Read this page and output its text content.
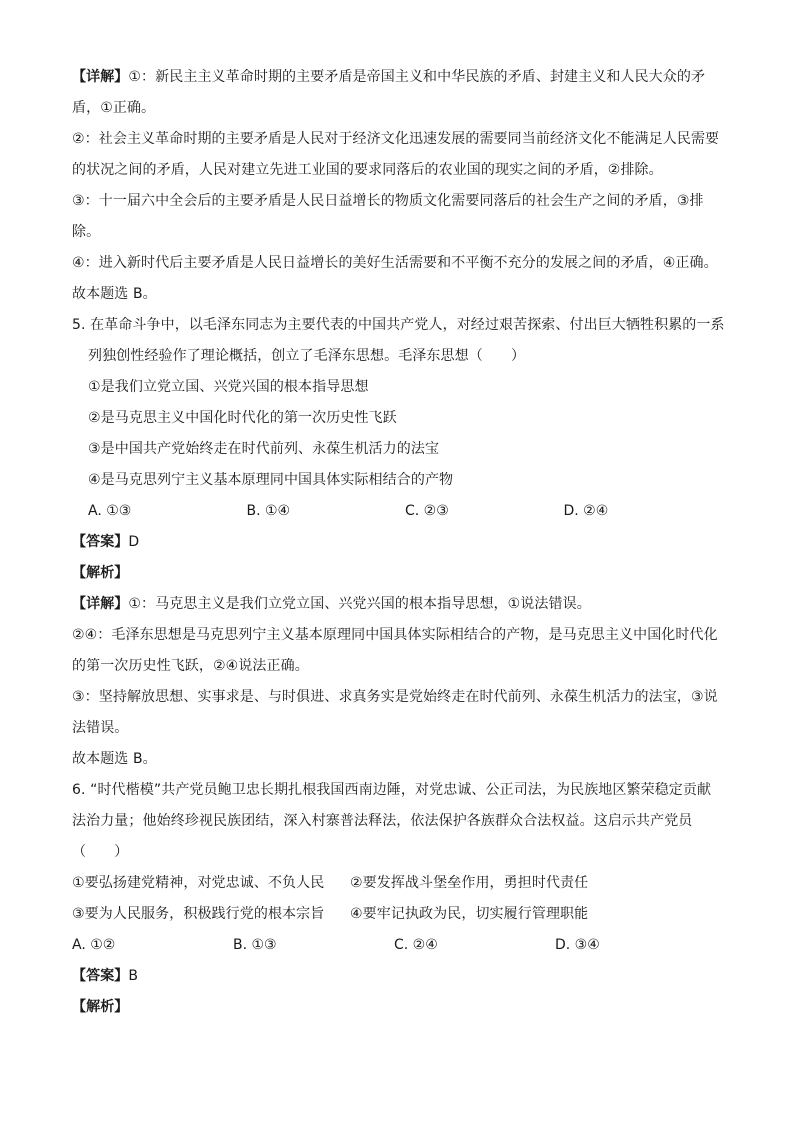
【详解】①：新民主主义革命时期的主要矛盾是帝国主义和中华民族的矛盾、封建主义和人民大众的矛
盾，①正确。
②：社会主义革命时期的主要矛盾是人民对于经济文化迅速发展的需要同当前经济文化不能满足人民需要
的状况之间的矛盾，人民对建立先进工业国的要求同落后的农业国的现实之间的矛盾，②排除。
③：十一届六中全会后的主要矛盾是人民日益增长的物质文化需要同落后的社会生产之间的矛盾，③排
除。
④：进入新时代后主要矛盾是人民日益增长的美好生活需要和不平衡不充分的发展之间的矛盾，④正确。
故本题选 B。
5. 在革命斗争中，以毛泽东同志为主要代表的中国共产党人，对经过艰苦探索、付出巨大牺牲积累的一系
列独创性经验作了理论概括，创立了毛泽东思想。毛泽东思想（　　）
①是我们立党立国、兴党兴国的根本指导思想
②是马克思主义中国化时代化的第一次历史性飞跃
③是中国共产党始终走在时代前列、永葆生机活力的法宝
④是马克思列宁主义基本原理同中国具体实际相结合的产物
A. ①③	B. ①④	C. ②③	D. ②④
【答案】D
【解析】
【详解】①：马克思主义是我们立党立国、兴党兴国的根本指导思想，①说法错误。
②④：毛泽东思想是马克思列宁主义基本原理同中国具体实际相结合的产物，是马克思主义中国化时代化
的第一次历史性飞跃，②④说法正确。
③：坚持解放思想、实事求是、与时俱进、求真务实是党始终走在时代前列、永葆生机活力的法宝，③说
法错误。
故本题选 B。
6. “时代楷模”共产党员鲍卫忠长期扎根我国西南边陲，对党忠诚、公正司法，为民族地区繁荣稳定贡献
法治力量；他始终珍视民族团结，深入村寨普法释法，依法保护各族群众合法权益。这启示共产党员
（　　）
①要弘扬建党精神，对党忠诚、不负人民	②要发挥战斗堡垒作用，勇担时代责任
③要为人民服务，积极践行党的根本宗旨	④要牢记执政为民，切实履行管理职能
A. ①②	B. ①③	C. ②④	D. ③④
【答案】B
【解析】
